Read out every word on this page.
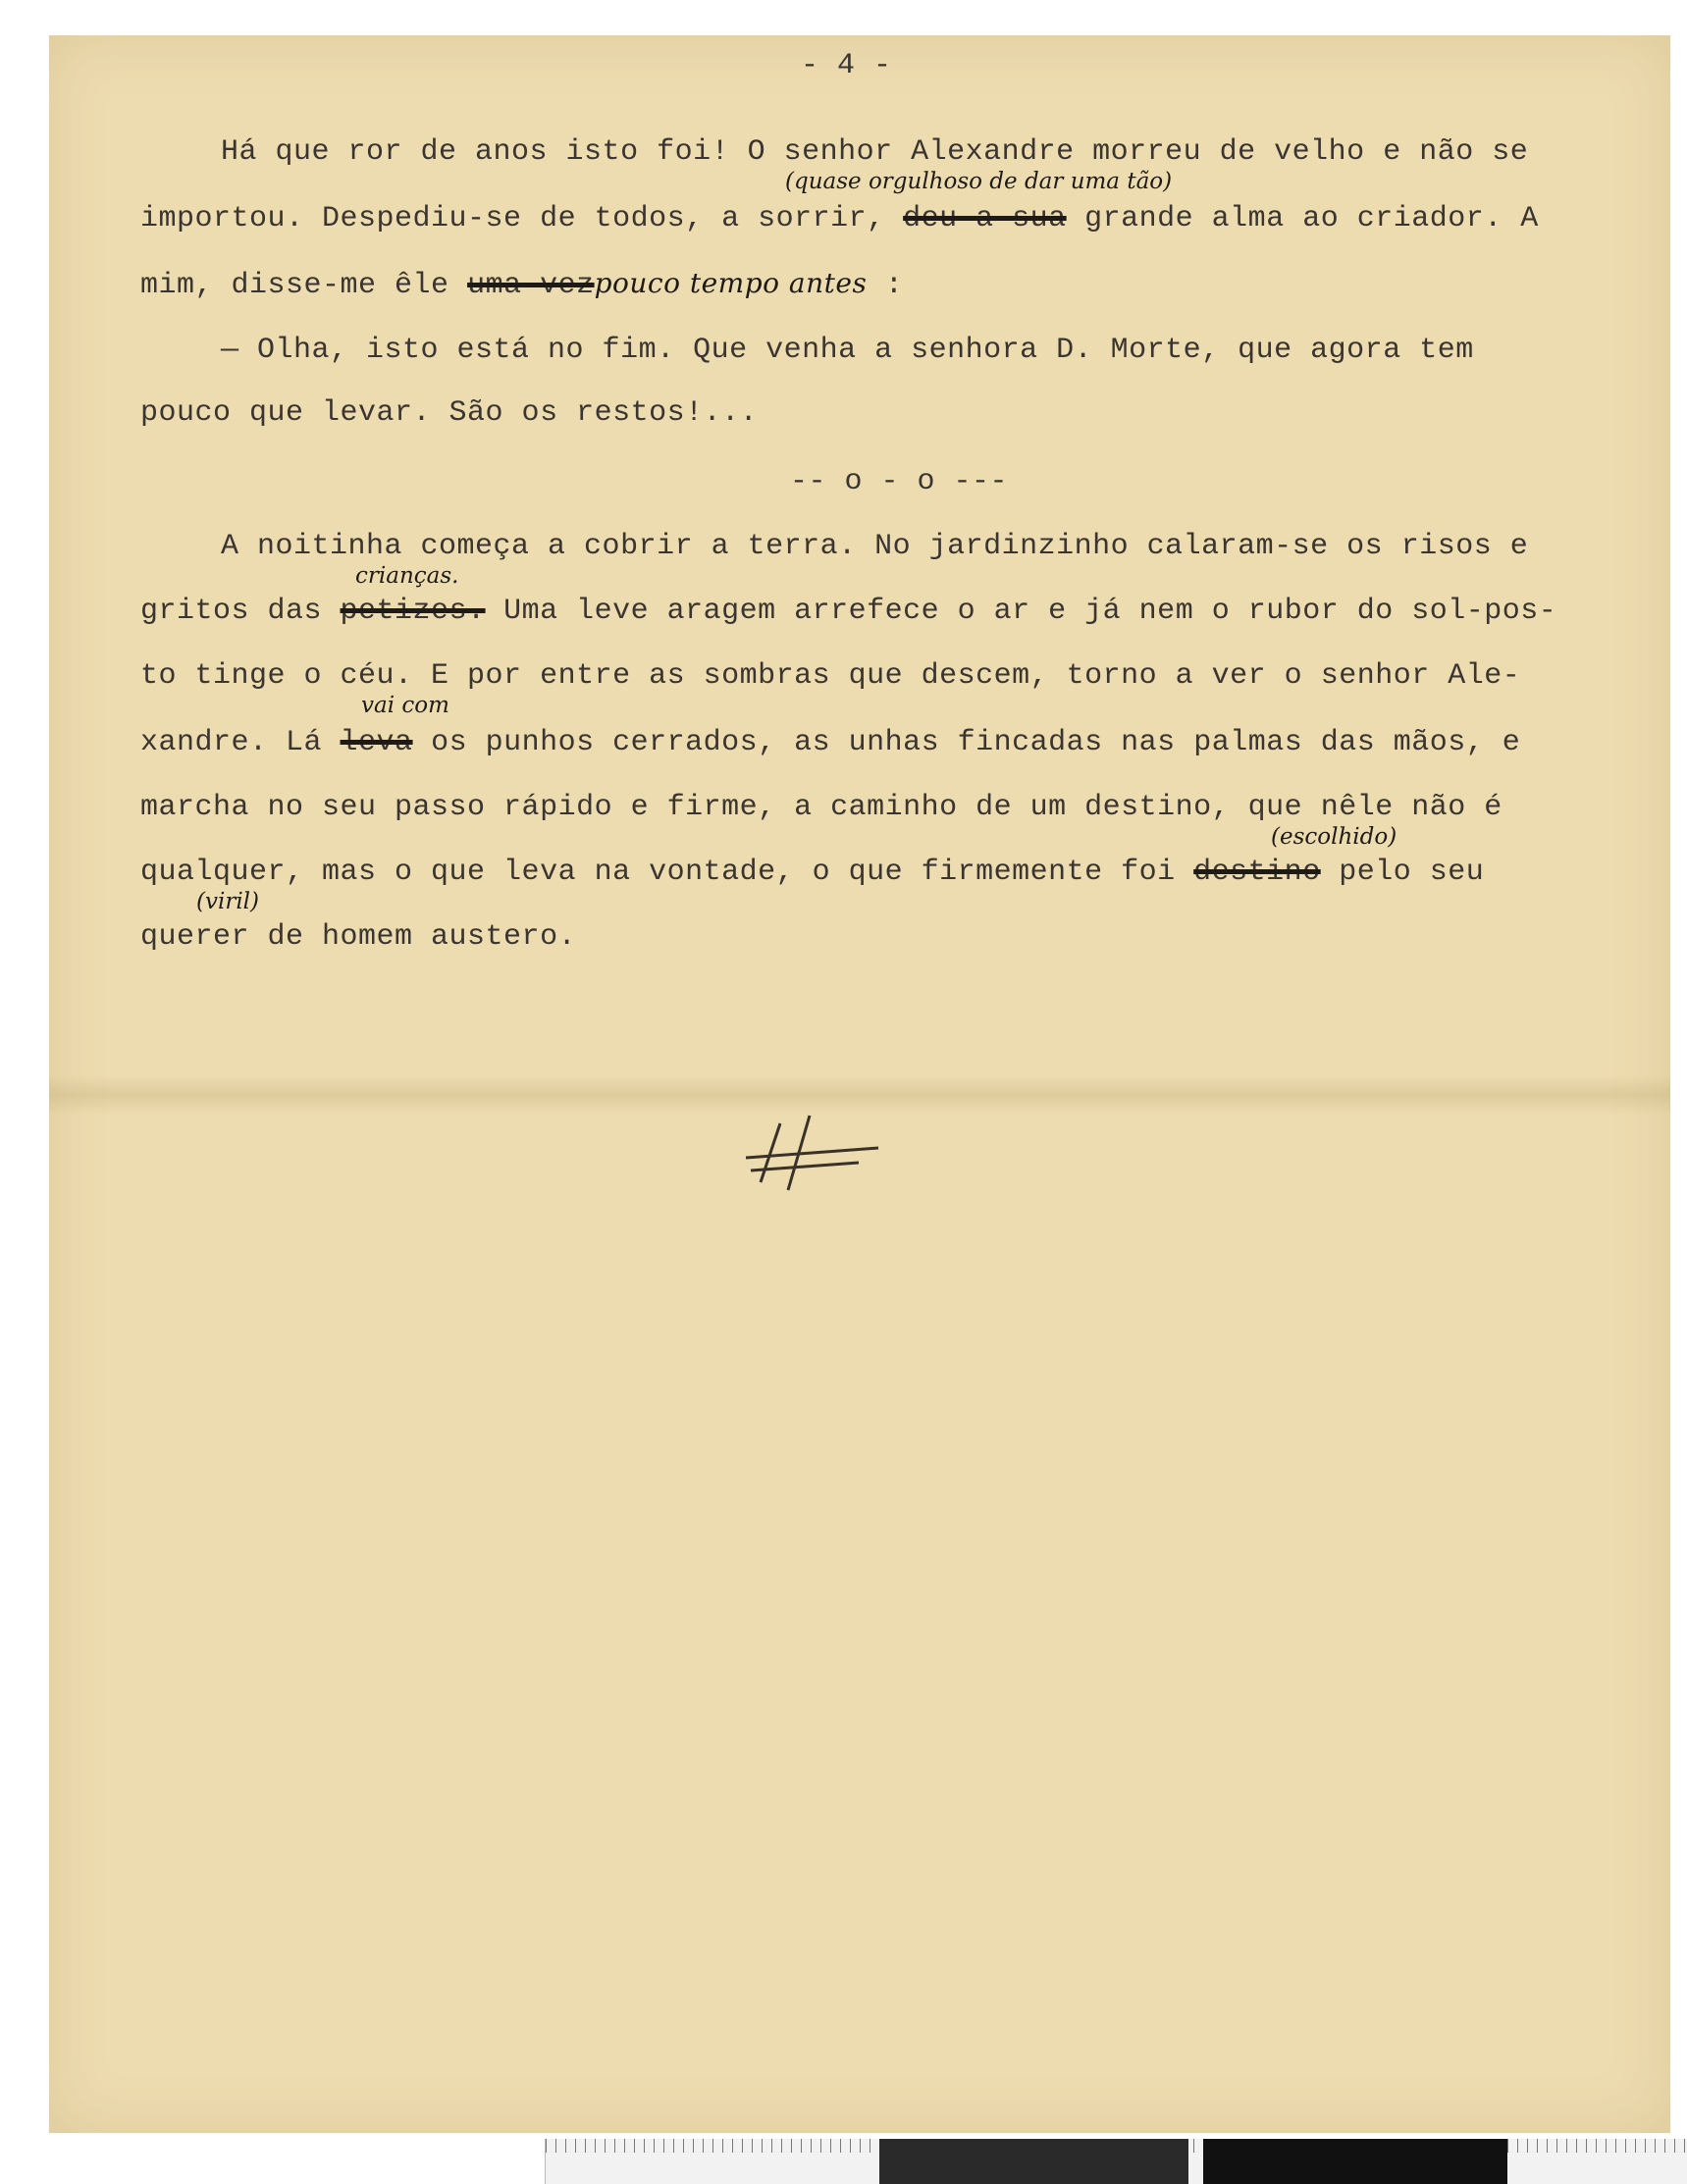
- 4 -
Há que ror de anos isto foi! O senhor Alexandre morreu de velho e não se
(quase orgulhoso de dar uma tão)
importou. Despediu-se de todos, a sorrir, deu a sua grande alma ao criador. A
mim, disse-me êle uma vezpouco tempo antes :
— Olha, isto está no fim. Que venha a senhora D. Morte, que agora tem
pouco que levar. São os restos!...
-- o - o ---
A noitinha começa a cobrir a terra. No jardinzinho calaram-se os risos e
crianças.
gritos das petizes. Uma leve aragem arrefece o ar e já nem o rubor do sol-pos-
to tinge o céu. E por entre as sombras que descem, torno a ver o senhor Ale-
vai com
xandre. Lá leva os punhos cerrados, as unhas fincadas nas palmas das mãos, e
marcha no seu passo rápido e firme, a caminho de um destino, que nêle não é
(escolhido)
qualquer, mas o que leva na vontade, o que firmemente foi destino pelo seu
(viril)
querer de homem austero.
